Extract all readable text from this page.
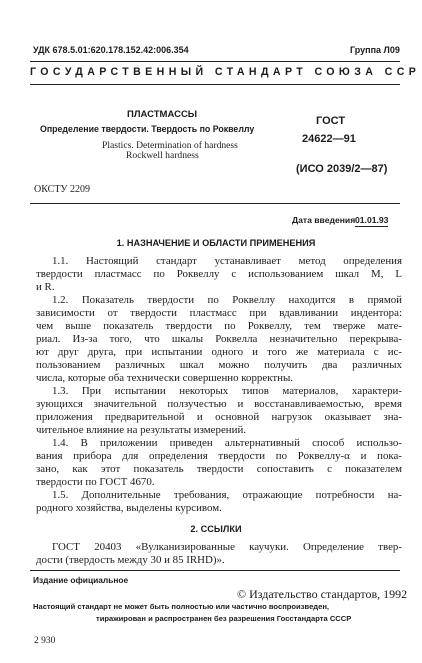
УДК 678.5.01:620.178.152.42:006.354	Группа Л09
ГОСУДАРСТВЕННЫЙ СТАНДАРТ СОЮЗА ССР
ПЛАСТМАССЫ
Определение твердости. Твердость по Роквеллу
Plastics. Determination of hardness
Rockwell hardness
ГОСТ
24622—91
(ИСО 2039/2—87)
ОКСТУ 2209
Дата введения 01.01.93
1. НАЗНАЧЕНИЕ И ОБЛАСТИ ПРИМЕНЕНИЯ
1.1. Настоящий стандарт устанавливает метод определения
твердости пластмасс по Роквеллу с использованием шкал М, L
и R.
1.2. Показатель твердости по Роквеллу находится в прямой
зависимости от твердости пластмасс при вдавливании индентора:
чем выше показатель твердости по Роквеллу, тем тверже мате-
риал. Из-за того, что шкалы Роквелла незначительно перекрыва-
ют друг друга, при испытании одного и того же материала с ис-
пользованием различных шкал можно получить два различных
числа, которые оба технически совершенно корректны.
1.3. При испытании некоторых типов материалов, характери-
зующихся значительной ползучестью и восстанавливаемостью, время
приложения предварительной и основной нагрузок оказывает зна-
чительное влияние на результаты измерений.
1.4. В приложении приведен альтернативный способ использо-
вания прибора для определения твердости по Роквеллу-α и пока-
зано, как этот показатель твердости сопоставить с показателем
твердости по ГОСТ 4670.
1.5. Дополнительные требования, отражающие потребности на-
родного хозяйства, выделены курсивом.
2. ССЫЛКИ
ГОСТ 20403 «Вулканизированные каучуки. Определение твер-
дости (твердость между 30 и 85 IRHD)».
Издание официальное
© Издательство стандартов, 1992
Настоящий стандарт не может быть полностью или частично воспроизведен,
тиражирован и распространен без разрешения Госстандарта СССР
2 930
